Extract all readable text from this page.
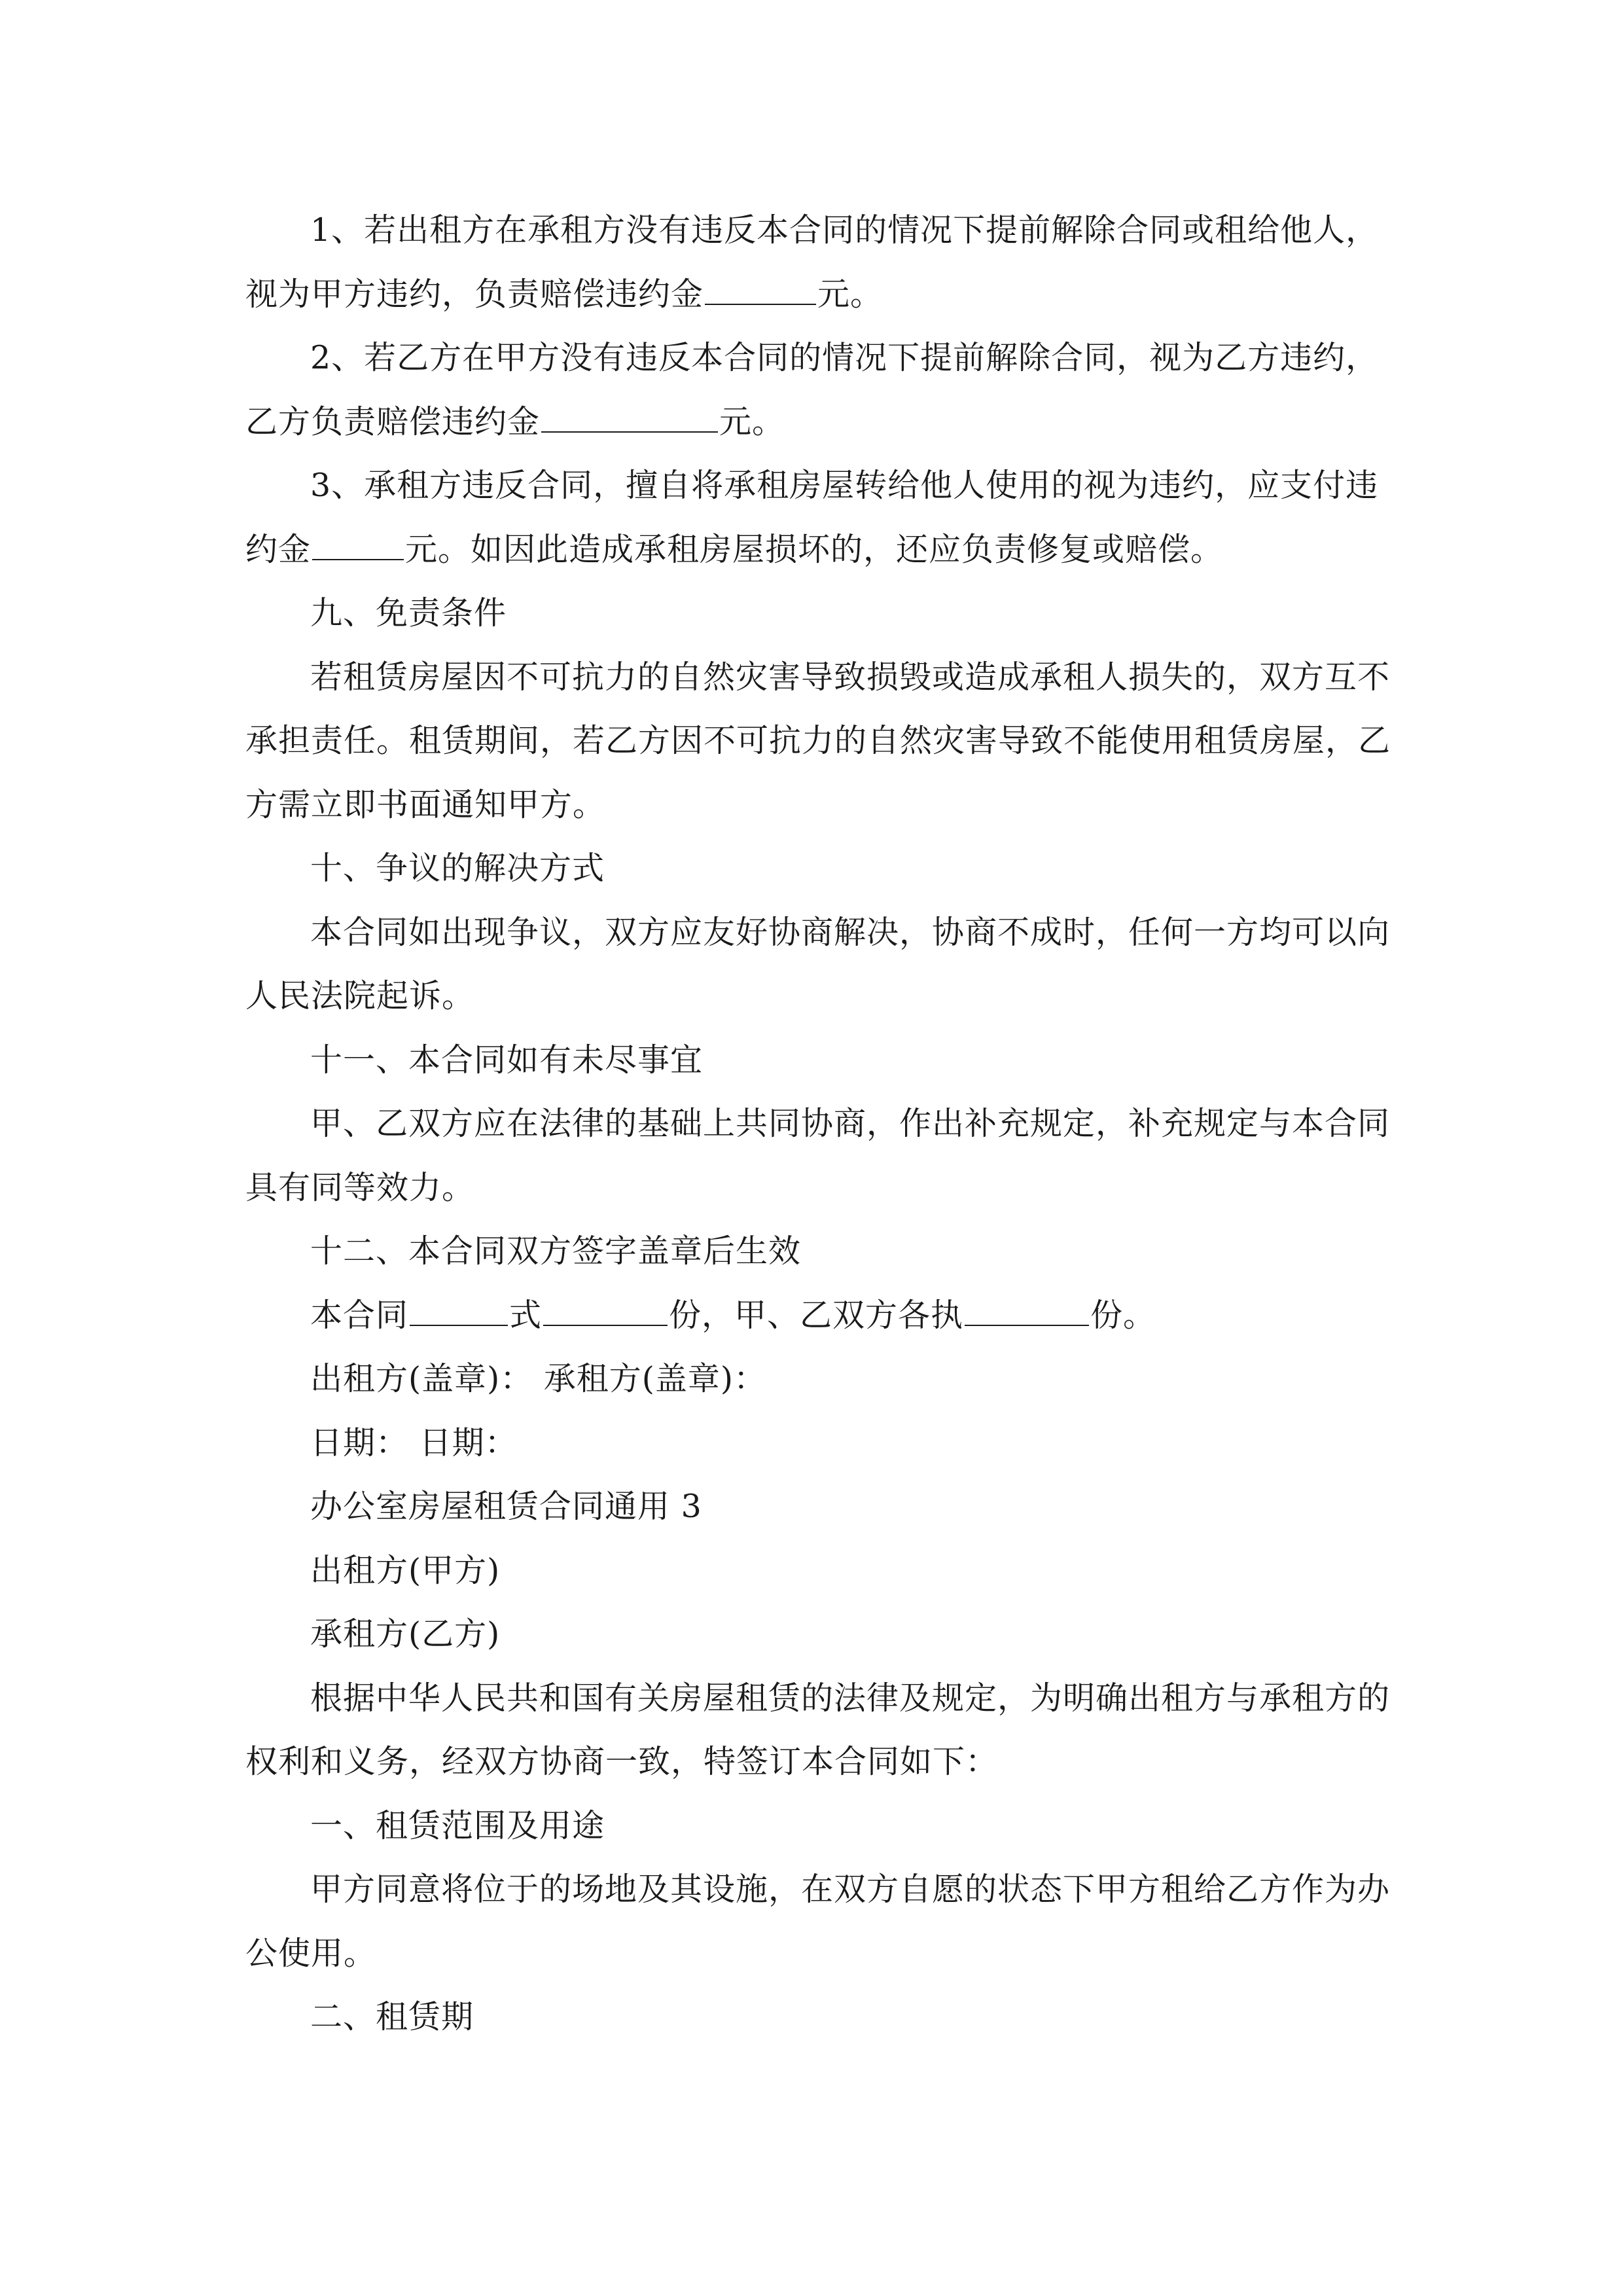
1、若出租方在承租方没有违反本合同的情况下提前解除合同或租给他人，
视为甲方违约，负责赔偿违约金	元。
2、若乙方在甲方没有违反本合同的情况下提前解除合同，视为乙方违约，
乙方负责赔偿违约金	元。
3、承租方违反合同，擅自将承租房屋转给他人使用的视为违约，应支付违
约金	元。如因此造成承租房屋损坏的，还应负责修复或赔偿。
九、免责条件
若租赁房屋因不可抗力的自然灾害导致损毁或造成承租人损失的，双方互不
承担责任。租赁期间，若乙方因不可抗力的自然灾害导致不能使用租赁房屋，乙
方需立即书面通知甲方。
十、争议的解决方式
本合同如出现争议，双方应友好协商解决，协商不成时，任何一方均可以向
人民法院起诉。
十一、本合同如有未尽事宜
甲、乙双方应在法律的基础上共同协商，作出补充规定，补充规定与本合同
具有同等效力。
十二、本合同双方签字盖章后生效
本合同	式	份，甲、乙双方各执	份。
出租方(盖章)： 承租方(盖章)：
日期： 日期：
办公室房屋租赁合同通用 3
出租方(甲方)
承租方(乙方)
根据中华人民共和国有关房屋租赁的法律及规定，为明确出租方与承租方的
权利和义务，经双方协商一致，特签订本合同如下：
一、租赁范围及用途
甲方同意将位于的场地及其设施，在双方自愿的状态下甲方租给乙方作为办
公使用。
二、租赁期
